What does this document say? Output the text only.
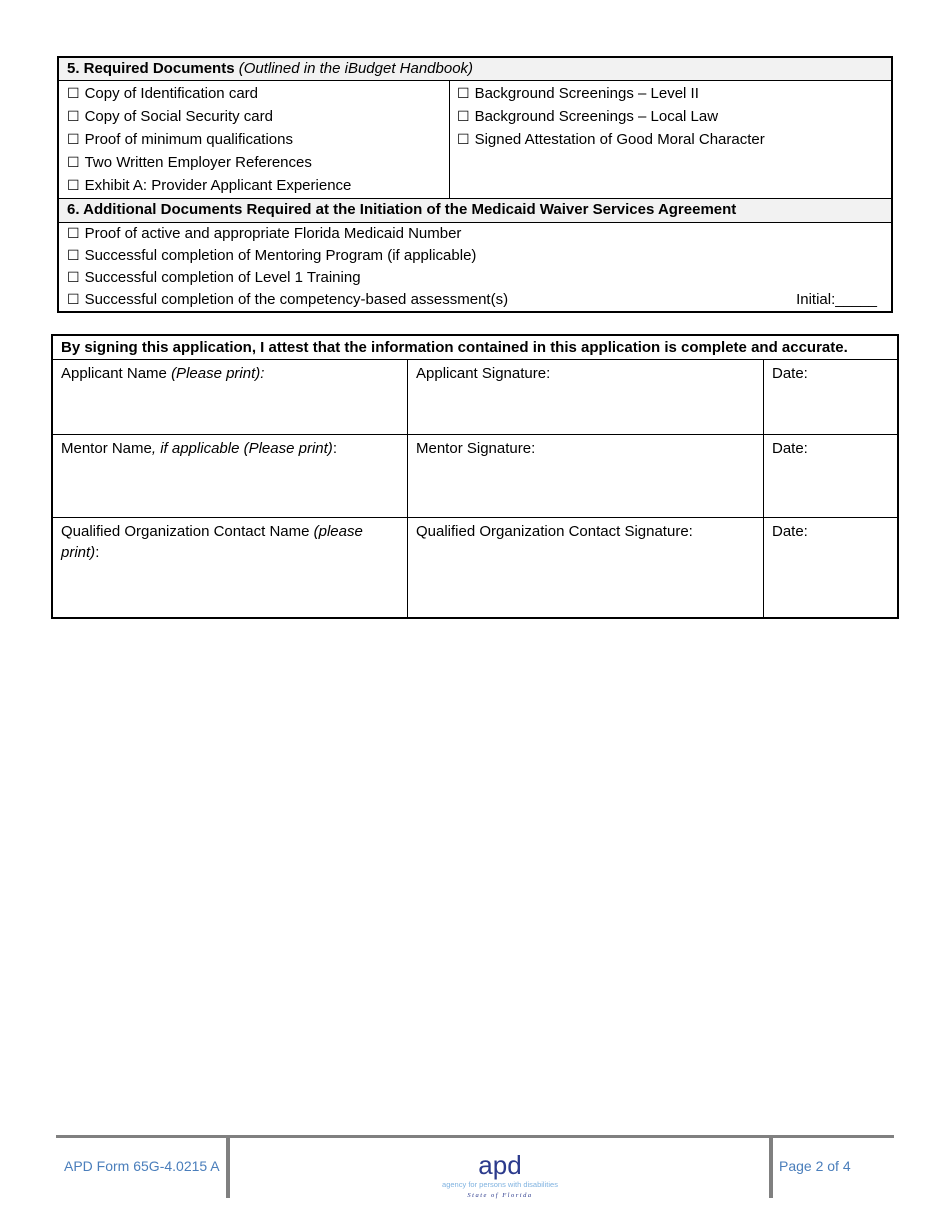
5. Required Documents (Outlined in the iBudget Handbook)
☐ Copy of Identification card
☐ Copy of Social Security card
☐ Proof of minimum qualifications
☐ Two Written Employer References
☐ Exhibit A: Provider Applicant Experience
☐ Background Screenings – Level II
☐ Background Screenings – Local Law
☐ Signed Attestation of Good Moral Character
6. Additional Documents Required at the Initiation of the Medicaid Waiver Services Agreement
☐ Proof of active and appropriate Florida Medicaid Number
☐ Successful completion of Mentoring Program (if applicable)
☐ Successful completion of Level 1 Training
☐ Successful completion of the competency-based assessment(s)	Initial:_____
By signing this application, I attest that the information contained in this application is complete and accurate.
Applicant Name (Please print):	Applicant Signature:	Date:
Mentor Name, if applicable (Please print):	Mentor Signature:	Date:
Qualified Organization Contact Name (please
print):
Qualified Organization Contact Signature:	Date:
APD Form 65G-4.0215 A	apd
agency for persons with disabilities
State of Florida
Page 2 of 4
